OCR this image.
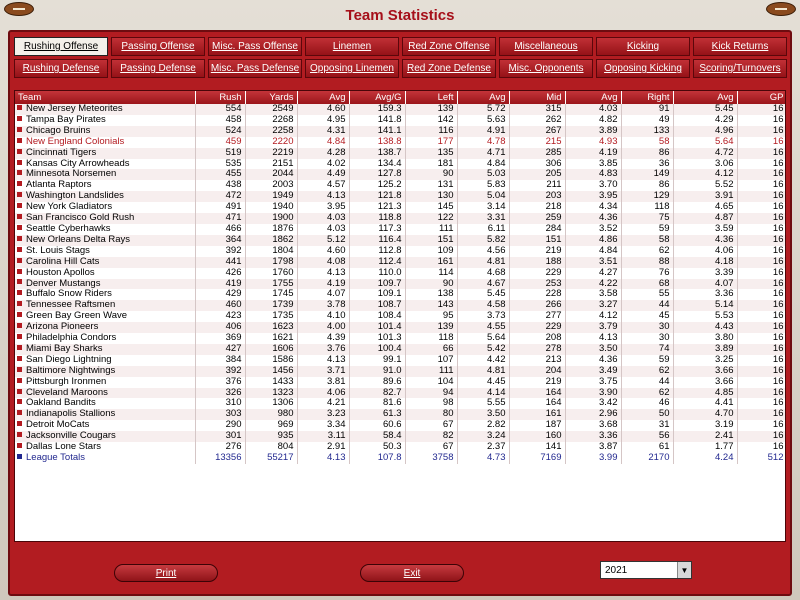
Team Statistics
Rushing Offense	Passing Offense	Misc. Pass Offense	Linemen	Red Zone Offense	Miscellaneous	Kicking	Kick Returns
Rushing Defense	Passing Defense	Misc. Pass Defense	Opposing Linemen	Red Zone Defense	Misc. Opponents	Opposing Kicking	Scoring/Turnovers
Team	Rush	Yards	Avg	Avg/G	Left	Avg	Mid	Avg	Right	Avg	GP
New Jersey Meteorites	554	2549	4.60	159.3	139	5.72	315	4.03	91	5.45	16
Tampa Bay Pirates	458	2268	4.95	141.8	142	5.63	262	4.82	49	4.29	16
Chicago Bruins	524	2258	4.31	141.1	116	4.91	267	3.89	133	4.96	16
New England Colonials	459	2220	4.84	138.8	177	4.78	215	4.93	58	5.64	16
Cincinnati Tigers	519	2219	4.28	138.7	135	4.71	285	4.19	86	4.72	16
Kansas City Arrowheads	535	2151	4.02	134.4	181	4.84	306	3.85	36	3.06	16
Minnesota Norsemen	455	2044	4.49	127.8	90	5.03	205	4.83	149	4.12	16
Atlanta Raptors	438	2003	4.57	125.2	131	5.83	211	3.70	86	5.52	16
Washington Landslides	472	1949	4.13	121.8	130	5.04	203	3.95	129	3.91	16
New York Gladiators	491	1940	3.95	121.3	145	3.14	218	4.34	118	4.65	16
San Francisco Gold Rush	471	1900	4.03	118.8	122	3.31	259	4.36	75	4.87	16
Seattle Cyberhawks	466	1876	4.03	117.3	111	6.11	284	3.52	59	3.59	16
New Orleans Delta Rays	364	1862	5.12	116.4	151	5.82	151	4.86	58	4.36	16
St. Louis Stags	392	1804	4.60	112.8	109	4.56	219	4.84	62	4.06	16
Carolina Hill Cats	441	1798	4.08	112.4	161	4.81	188	3.51	88	4.18	16
Houston Apollos	426	1760	4.13	110.0	114	4.68	229	4.27	76	3.39	16
Denver Mustangs	419	1755	4.19	109.7	90	4.67	253	4.22	68	4.07	16
Buffalo Snow Riders	429	1745	4.07	109.1	138	5.45	228	3.58	55	3.36	16
Tennessee Raftsmen	460	1739	3.78	108.7	143	4.58	266	3.27	44	5.14	16
Green Bay Green Wave	423	1735	4.10	108.4	95	3.73	277	4.12	45	5.53	16
Arizona Pioneers	406	1623	4.00	101.4	139	4.55	229	3.79	30	4.43	16
Philadelphia Condors	369	1621	4.39	101.3	118	5.64	208	4.13	30	3.80	16
Miami Bay Sharks	427	1606	3.76	100.4	66	5.42	278	3.50	74	3.89	16
San Diego Lightning	384	1586	4.13	99.1	107	4.42	213	4.36	59	3.25	16
Baltimore Nightwings	392	1456	3.71	91.0	111	4.81	204	3.49	62	3.66	16
Pittsburgh Ironmen	376	1433	3.81	89.6	104	4.45	219	3.75	44	3.66	16
Cleveland Maroons	326	1323	4.06	82.7	94	4.14	164	3.90	62	4.85	16
Oakland Bandits	310	1306	4.21	81.6	98	5.55	164	3.42	46	4.41	16
Indianapolis Stallions	303	980	3.23	61.3	80	3.50	161	2.96	50	4.70	16
Detroit MoCats	290	969	3.34	60.6	67	2.82	187	3.68	31	3.19	16
Jacksonville Cougars	301	935	3.11	58.4	82	3.24	160	3.36	56	2.41	16
Dallas Lone Stars	276	804	2.91	50.3	67	2.37	141	3.87	61	1.77	16
League Totals	13356	55217	4.13	107.8	3758	4.73	7169	3.99	2170	4.24	512
Print	Exit	2021	▼
